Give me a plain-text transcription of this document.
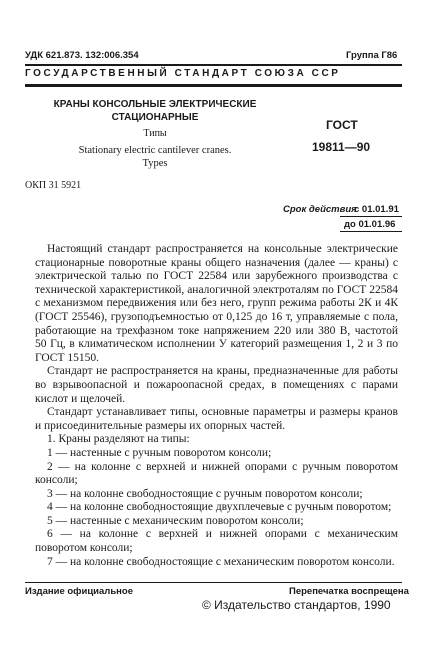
УДК 621.873. 132:006.354	Группа Г86
ГОСУДАРСТВЕННЫЙ СТАНДАРТ СОЮЗА ССР
КРАНЫ КОНСОЛЬНЫЕ ЭЛЕКТРИЧЕСКИЕ
СТАЦИОНАРНЫЕ
Типы
Stationary electric cantilever cranes.
Types
ГОСТ
19811—90
ОКП 31 5921
Срок действия
с 01.01.91
до 01.01.96

Настоящий стандарт распространяется на консольные электрические стационарные поворотные краны общего назначения (далее — краны) с электрической талью по ГОСТ 22584 или зарубежного производства с технической характеристикой, аналогичной электроталям по ГОСТ 22584 с механизмом передвижения или без него, групп режима работы 2К и 4К (ГОСТ 25546), грузоподъемностью от 0,125 до 16 т, управляемые с пола, работающие на трехфазном токе напряжением 220 или 380 В, частотой 50 Гц, в климатическом исполнении У категорий размещения 1, 2 и 3 по ГОСТ 15150.

Стандарт не распространяется на краны, предназначенные для работы во взрывоопасной и пожароопасной средах, в помещениях с парами кислот и щелочей.

Стандарт устанавливает типы, основные параметры и размеры кранов и присоединительные размеры их опорных частей.

1. Краны разделяют на типы:

1 — настенные с ручным поворотом консоли;

2 — на колонне с верхней и нижней опорами с ручным поворотом консоли;

3 — на колонне свободностоящие с ручным поворотом консоли;

4 — на колонне свободностоящие двухплечевые с ручным поворотом;

5 — настенные с механическим поворотом консоли;

6 — на колонне с верхней и нижней опорами с механическим поворотом консоли;

7 — на колонне свободностоящие с механическим поворотом консоли.

Издание официальное	Перепечатка воспрещена
© Издательство стандартов, 1990
